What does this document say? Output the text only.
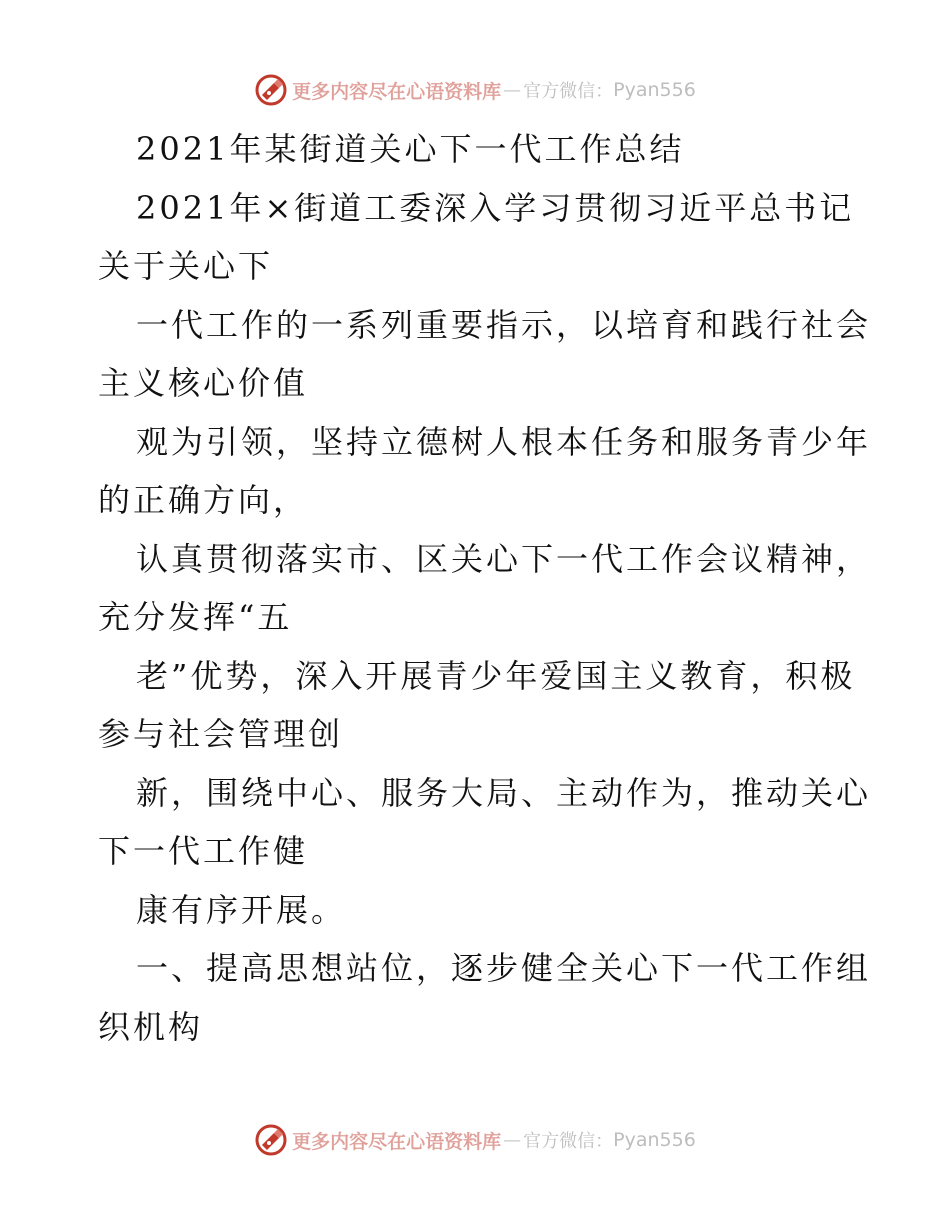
更多内容尽在心语资料库 — 官方微信： Pyan556
2021年某街道关心下一代工作总结
2021年×街道工委深入学习贯彻习近平总书记
关于关心下
一代工作的一系列重要指示，以培育和践行社会
主义核心价值
观为引领，坚持立德树人根本任务和服务青少年
的正确方向，
认真贯彻落实市、区关心下一代工作会议精神，
充分发挥“五
老”优势，深入开展青少年爱国主义教育，积极
参与社会管理创
新，围绕中心、服务大局、主动作为，推动关心
下一代工作健
康有序开展。
一、提高思想站位，逐步健全关心下一代工作组
织机构
更多内容尽在心语资料库 — 官方微信： Pyan556
